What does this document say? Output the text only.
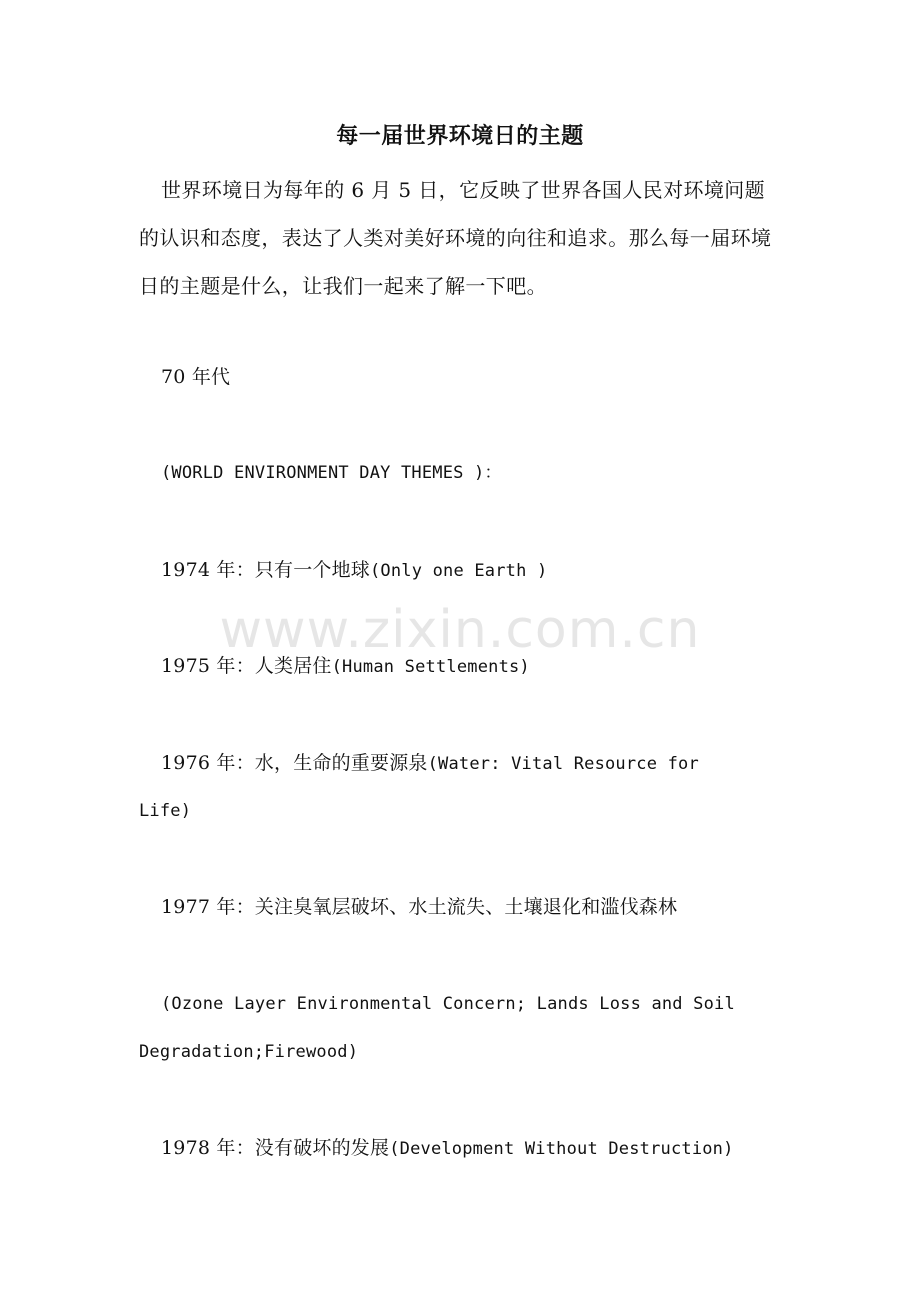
每一届世界环境日的主题

世界环境日为每年的 6 月 5 日，它反映了世界各国人民对环境问题的认识和态度，表达了人类对美好环境的向往和追求。那么每一届环境日的主题是什么，让我们一起来了解一下吧。

70 年代

(WORLD ENVIRONMENT DAY THEMES )：

1974 年：只有一个地球(Only one Earth )

1975 年：人类居住(Human Settlements)

1976 年：水，生命的重要源泉(Water: Vital Resource for

Life)

1977 年：关注臭氧层破坏、水土流失、土壤退化和滥伐森林

(Ozone Layer Environmental Concern; Lands Loss and Soil

Degradation;Firewood)

1978 年：没有破坏的发展(Development Without Destruction)

www.zixin.com.cn
